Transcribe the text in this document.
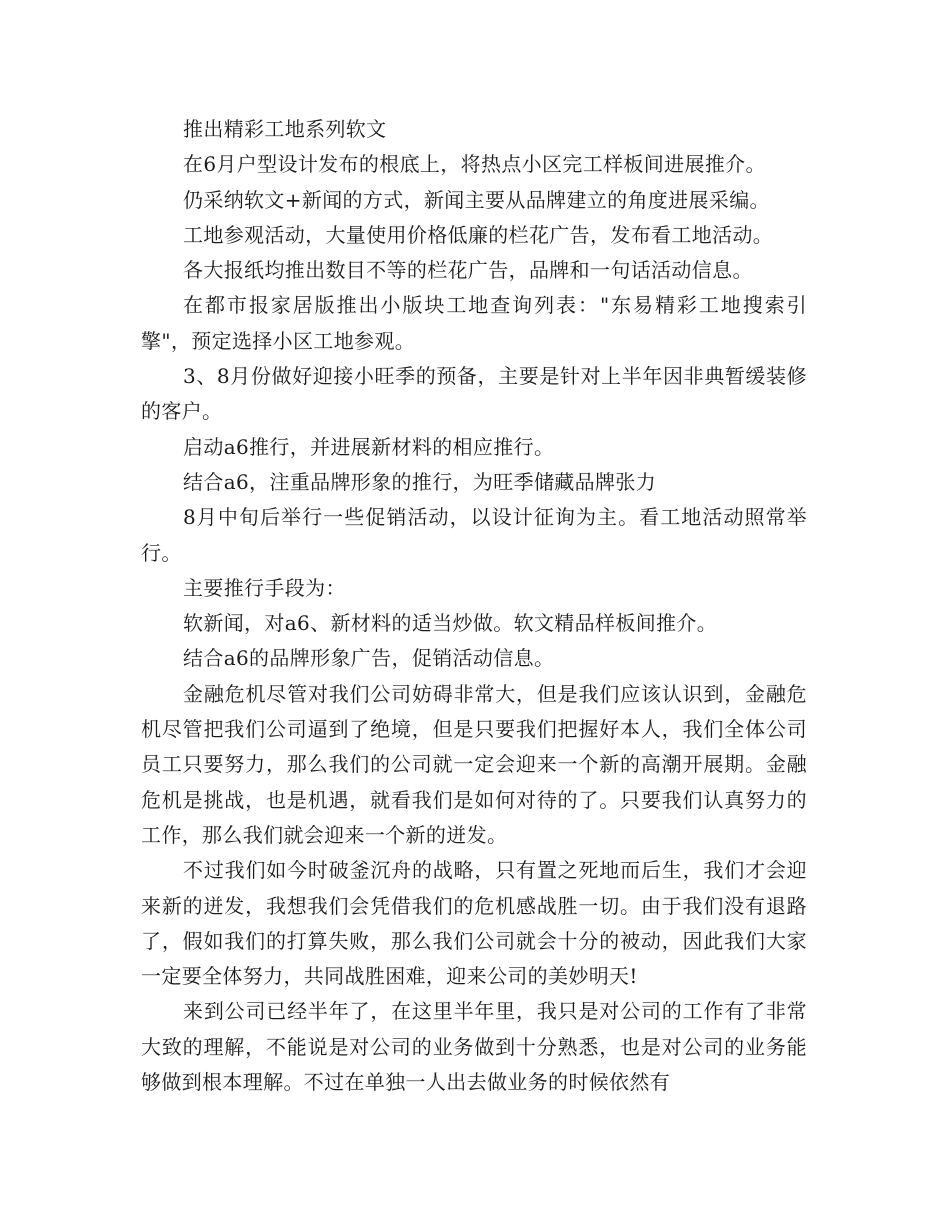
推出精彩工地系列软文

在6月户型设计发布的根底上，将热点小区完工样板间进展推介。

仍采纳软文+新闻的方式，新闻主要从品牌建立的角度进展采编。

工地参观活动，大量使用价格低廉的栏花广告，发布看工地活动。

各大报纸均推出数目不等的栏花广告，品牌和一句话活动信息。

在都市报家居版推出小版块工地查询列表："东易精彩工地搜索引擎"，预定选择小区工地参观。

3、8月份做好迎接小旺季的预备，主要是针对上半年因非典暂缓装修的客户。

启动a6推行，并进展新材料的相应推行。

结合a6，注重品牌形象的推行，为旺季储藏品牌张力

8月中旬后举行一些促销活动，以设计征询为主。看工地活动照常举行。

主要推行手段为：

软新闻，对a6、新材料的适当炒做。软文精品样板间推介。

结合a6的品牌形象广告，促销活动信息。

金融危机尽管对我们公司妨碍非常大，但是我们应该认识到，金融危机尽管把我们公司逼到了绝境，但是只要我们把握好本人，我们全体公司员工只要努力，那么我们的公司就一定会迎来一个新的高潮开展期。金融危机是挑战，也是机遇，就看我们是如何对待的了。只要我们认真努力的工作，那么我们就会迎来一个新的迸发。

不过我们如今时破釜沉舟的战略，只有置之死地而后生，我们才会迎来新的迸发，我想我们会凭借我们的危机感战胜一切。由于我们没有退路了，假如我们的打算失败，那么我们公司就会十分的被动，因此我们大家一定要全体努力，共同战胜困难，迎来公司的美妙明天!

来到公司已经半年了，在这里半年里，我只是对公司的工作有了非常大致的理解，不能说是对公司的业务做到十分熟悉，也是对公司的业务能够做到根本理解。不过在单独一人出去做业务的时候依然有
